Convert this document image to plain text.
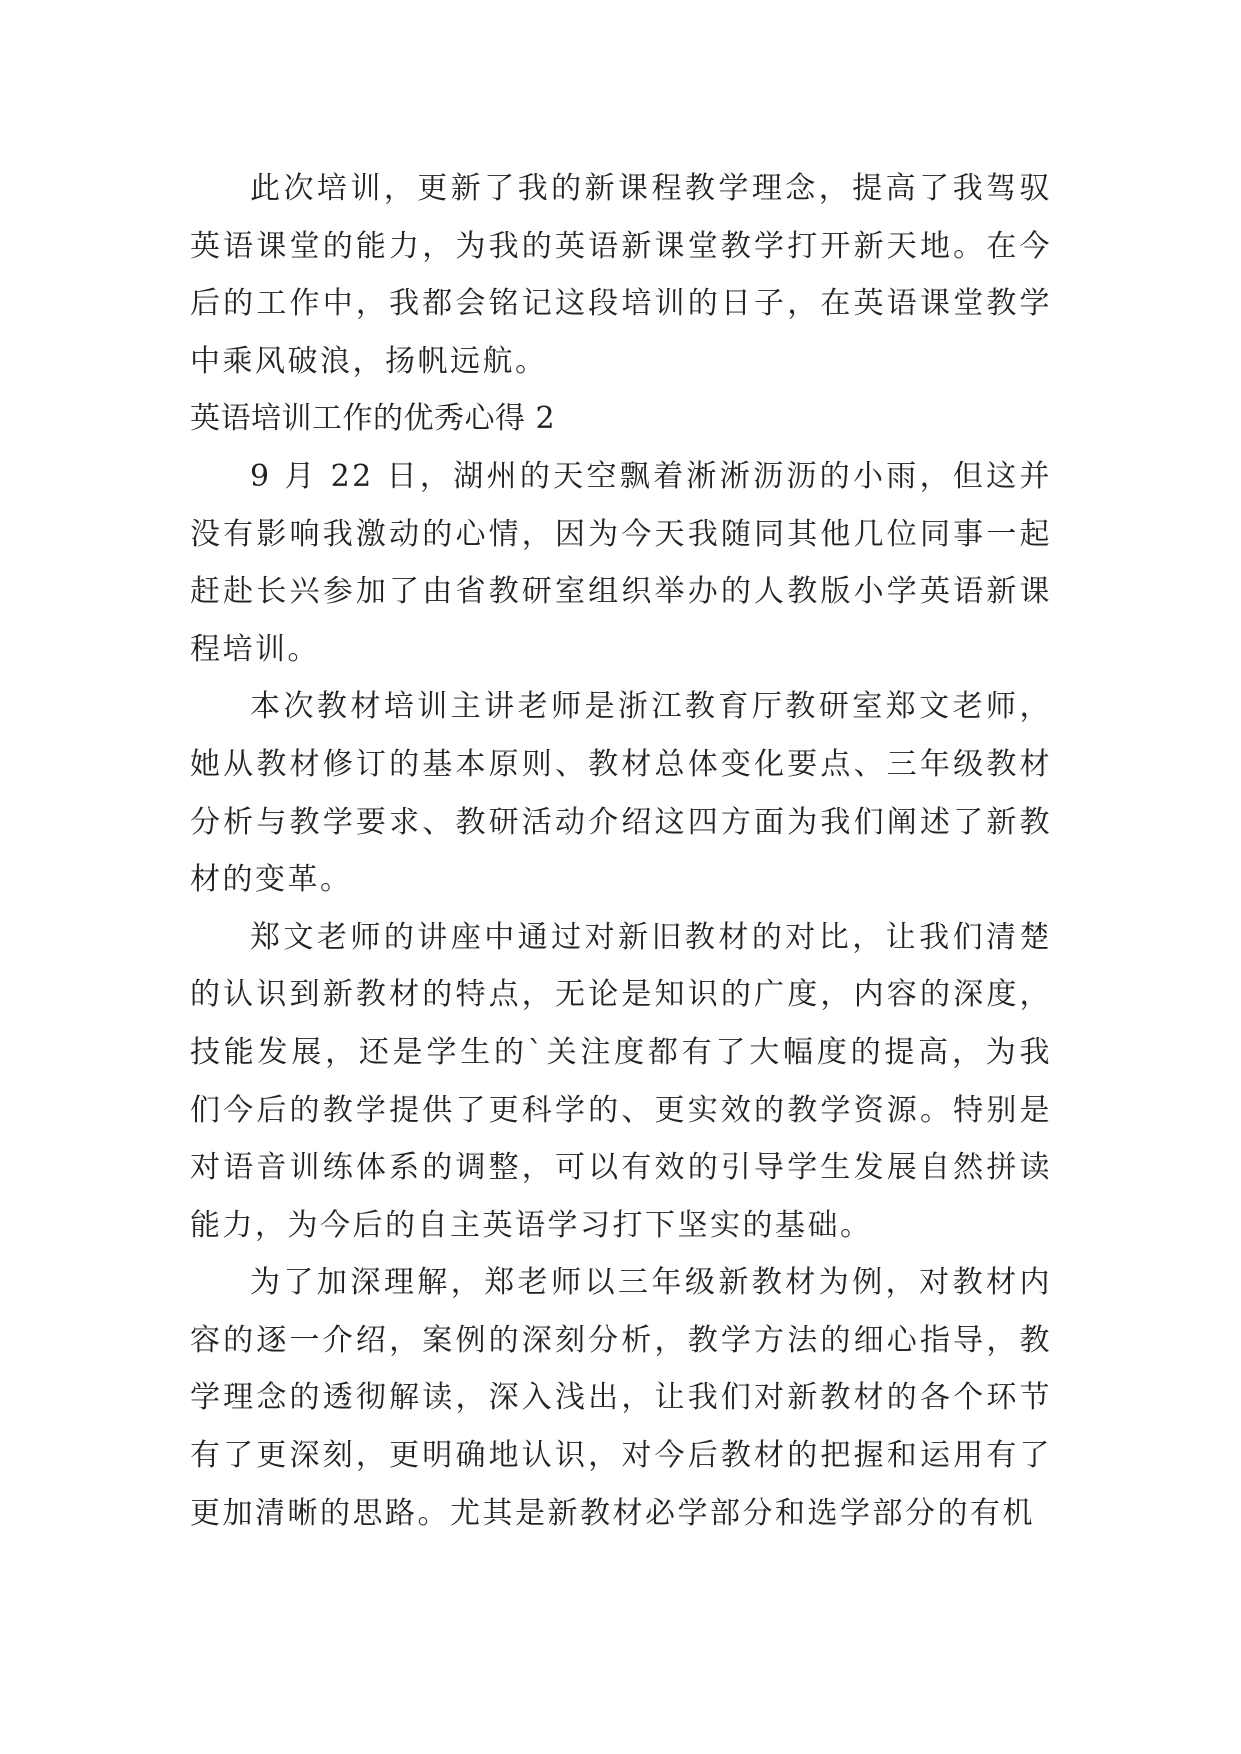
此次培训，更新了我的新课程教学理念，提高了我驾驭英语课堂的能力，为我的英语新课堂教学打开新天地。在今后的工作中，我都会铭记这段培训的日子，在英语课堂教学中乘风破浪，扬帆远航。

英语培训工作的优秀心得 2

9 月 22 日，湖州的天空飘着淅淅沥沥的小雨，但这并没有影响我激动的心情，因为今天我随同其他几位同事一起赶赴长兴参加了由省教研室组织举办的人教版小学英语新课程培训。

本次教材培训主讲老师是浙江教育厅教研室郑文老师，她从教材修订的基本原则、教材总体变化要点、三年级教材分析与教学要求、教研活动介绍这四方面为我们阐述了新教材的变革。

郑文老师的讲座中通过对新旧教材的对比，让我们清楚的认识到新教材的特点，无论是知识的广度，内容的深度，技能发展，还是学生的`关注度都有了大幅度的提高，为我们今后的教学提供了更科学的、更实效的教学资源。特别是对语音训练体系的调整，可以有效的引导学生发展自然拼读能力，为今后的自主英语学习打下坚实的基础。

为了加深理解，郑老师以三年级新教材为例，对教材内容的逐一介绍，案例的深刻分析，教学方法的细心指导，教学理念的透彻解读，深入浅出，让我们对新教材的各个环节有了更深刻，更明确地认识，对今后教材的把握和运用有了更加清晰的思路。尤其是新教材必学部分和选学部分的有机
